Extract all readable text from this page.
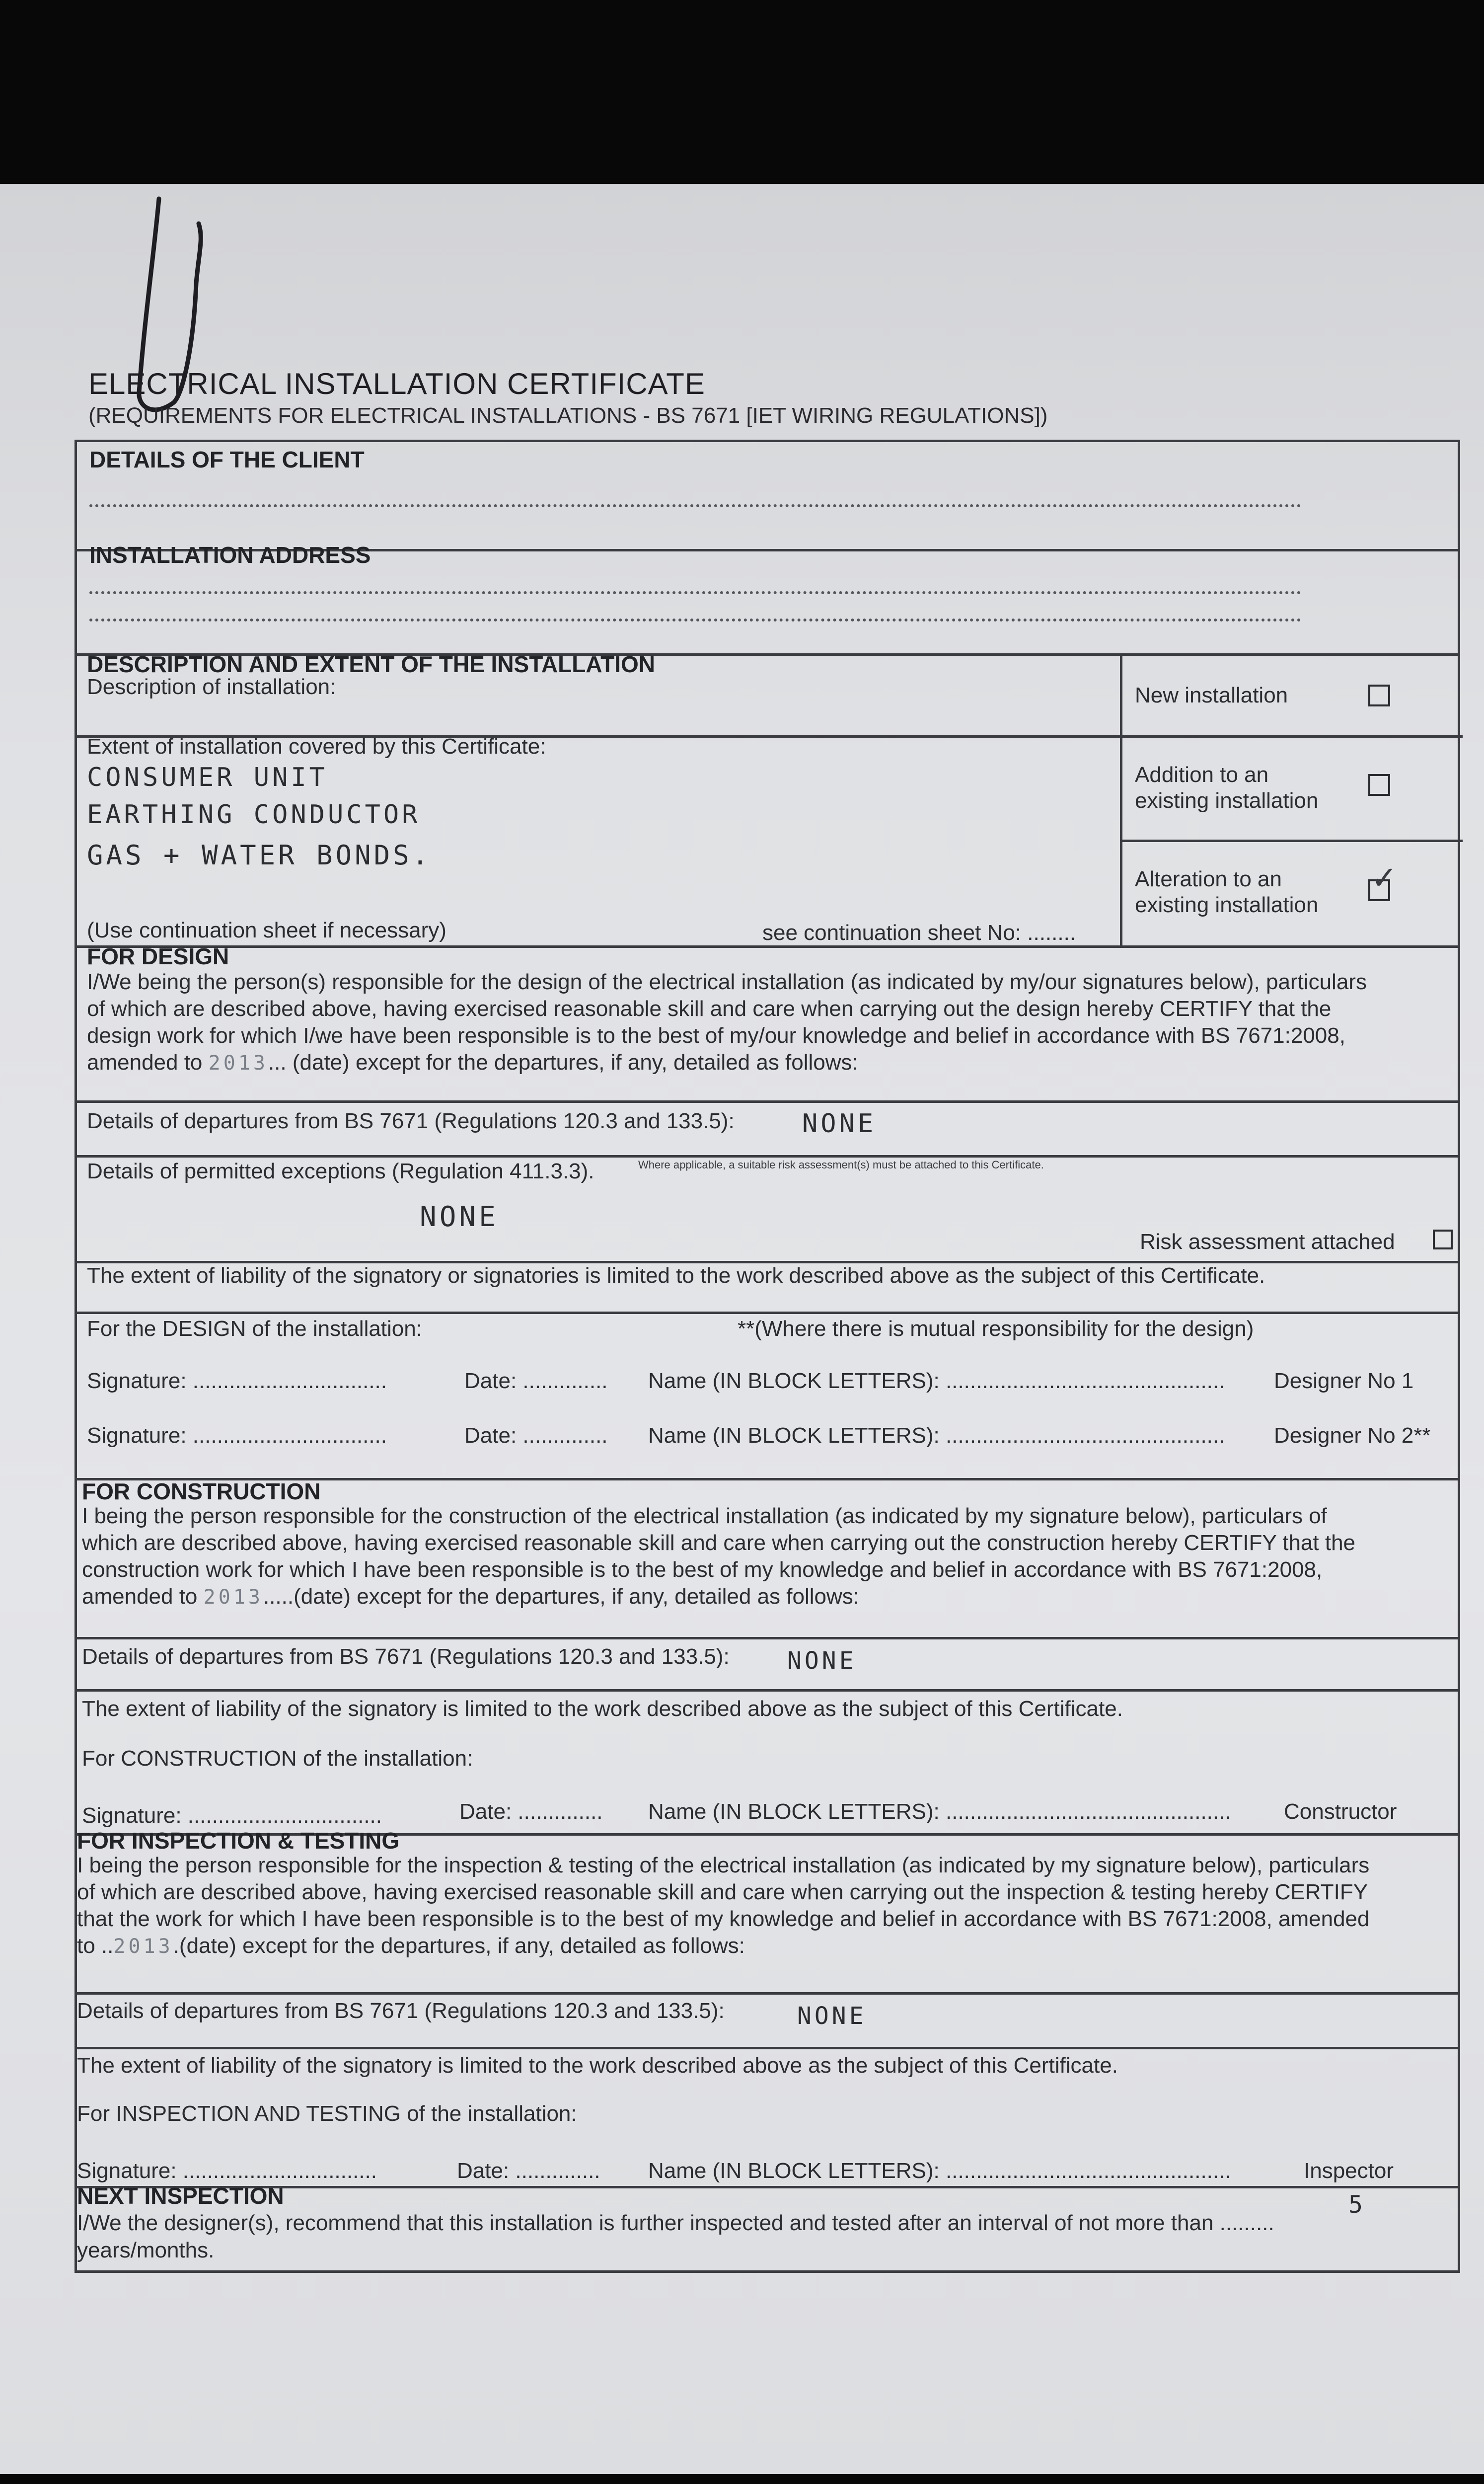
ELECTRICAL INSTALLATION CERTIFICATE
(REQUIREMENTS FOR ELECTRICAL INSTALLATIONS - BS 7671 [IET WIRING REGULATIONS])
DETAILS OF THE CLIENT
INSTALLATION ADDRESS
DESCRIPTION AND EXTENT OF THE INSTALLATION
Description of installation:
Extent of installation covered by this Certificate:
CONSUMER UNIT
EARTHING CONDUCTOR
GAS + WATER BONDS.
(Use continuation sheet if necessary)	see continuation sheet No: ........
New installation
Addition to an
existing installation
Alteration to an
existing installation
✓
FOR DESIGN
I/We being the person(s) responsible for the design of the electrical installation (as indicated by my/our signatures below), particulars
of which are described above, having exercised reasonable skill and care when carrying out the design hereby CERTIFY that the
design work for which I/we have been responsible is to the best of my/our knowledge and belief in accordance with BS 7671:2008,
amended to 2013... (date) except for the departures, if any, detailed as follows:
Details of departures from BS 7671 (Regulations 120.3 and 133.5):	NONE
Details of permitted exceptions (Regulation 411.3.3).	Where applicable, a suitable risk assessment(s) must be attached to this Certificate.
NONE
Risk assessment attached
The extent of liability of the signatory or signatories is limited to the work described above as the subject of this Certificate.
For the DESIGN of the installation:	**(Where there is mutual responsibility for the design)
Signature: ................................	Date: .............. Name (IN BLOCK LETTERS): .............................................. Designer No 1
Signature: ................................	Date: .............. Name (IN BLOCK LETTERS): .............................................. Designer No 2**
FOR CONSTRUCTION
I being the person responsible for the construction of the electrical installation (as indicated by my signature below), particulars of
which are described above, having exercised reasonable skill and care when carrying out the construction hereby CERTIFY that the
construction work for which I have been responsible is to the best of my knowledge and belief in accordance with BS 7671:2008,
amended to 2013.....(date) except for the departures, if any, detailed as follows:
Details of departures from BS 7671 (Regulations 120.3 and 133.5): NONE
The extent of liability of the signatory is limited to the work described above as the subject of this Certificate.
For CONSTRUCTION of the installation:
Signature: ................................	Date: .............. Name (IN BLOCK LETTERS): ............................................... Constructor
FOR INSPECTION & TESTING
I being the person responsible for the inspection & testing of the electrical installation (as indicated by my signature below), particulars
of which are described above, having exercised reasonable skill and care when carrying out the inspection & testing hereby CERTIFY
that the work for which I have been responsible is to the best of my knowledge and belief in accordance with BS 7671:2008, amended
to ..2013.(date) except for the departures, if any, detailed as follows:
Details of departures from BS 7671 (Regulations 120.3 and 133.5):	NONE
The extent of liability of the signatory is limited to the work described above as the subject of this Certificate.
For INSPECTION AND TESTING of the installation:
Signature: ................................	Date: .............. Name (IN BLOCK LETTERS): ...............................................	Inspector
NEXT INSPECTION
I/We the designer(s), recommend that this installation is further inspected and tested after an interval of not more than .........
5
years/months.
